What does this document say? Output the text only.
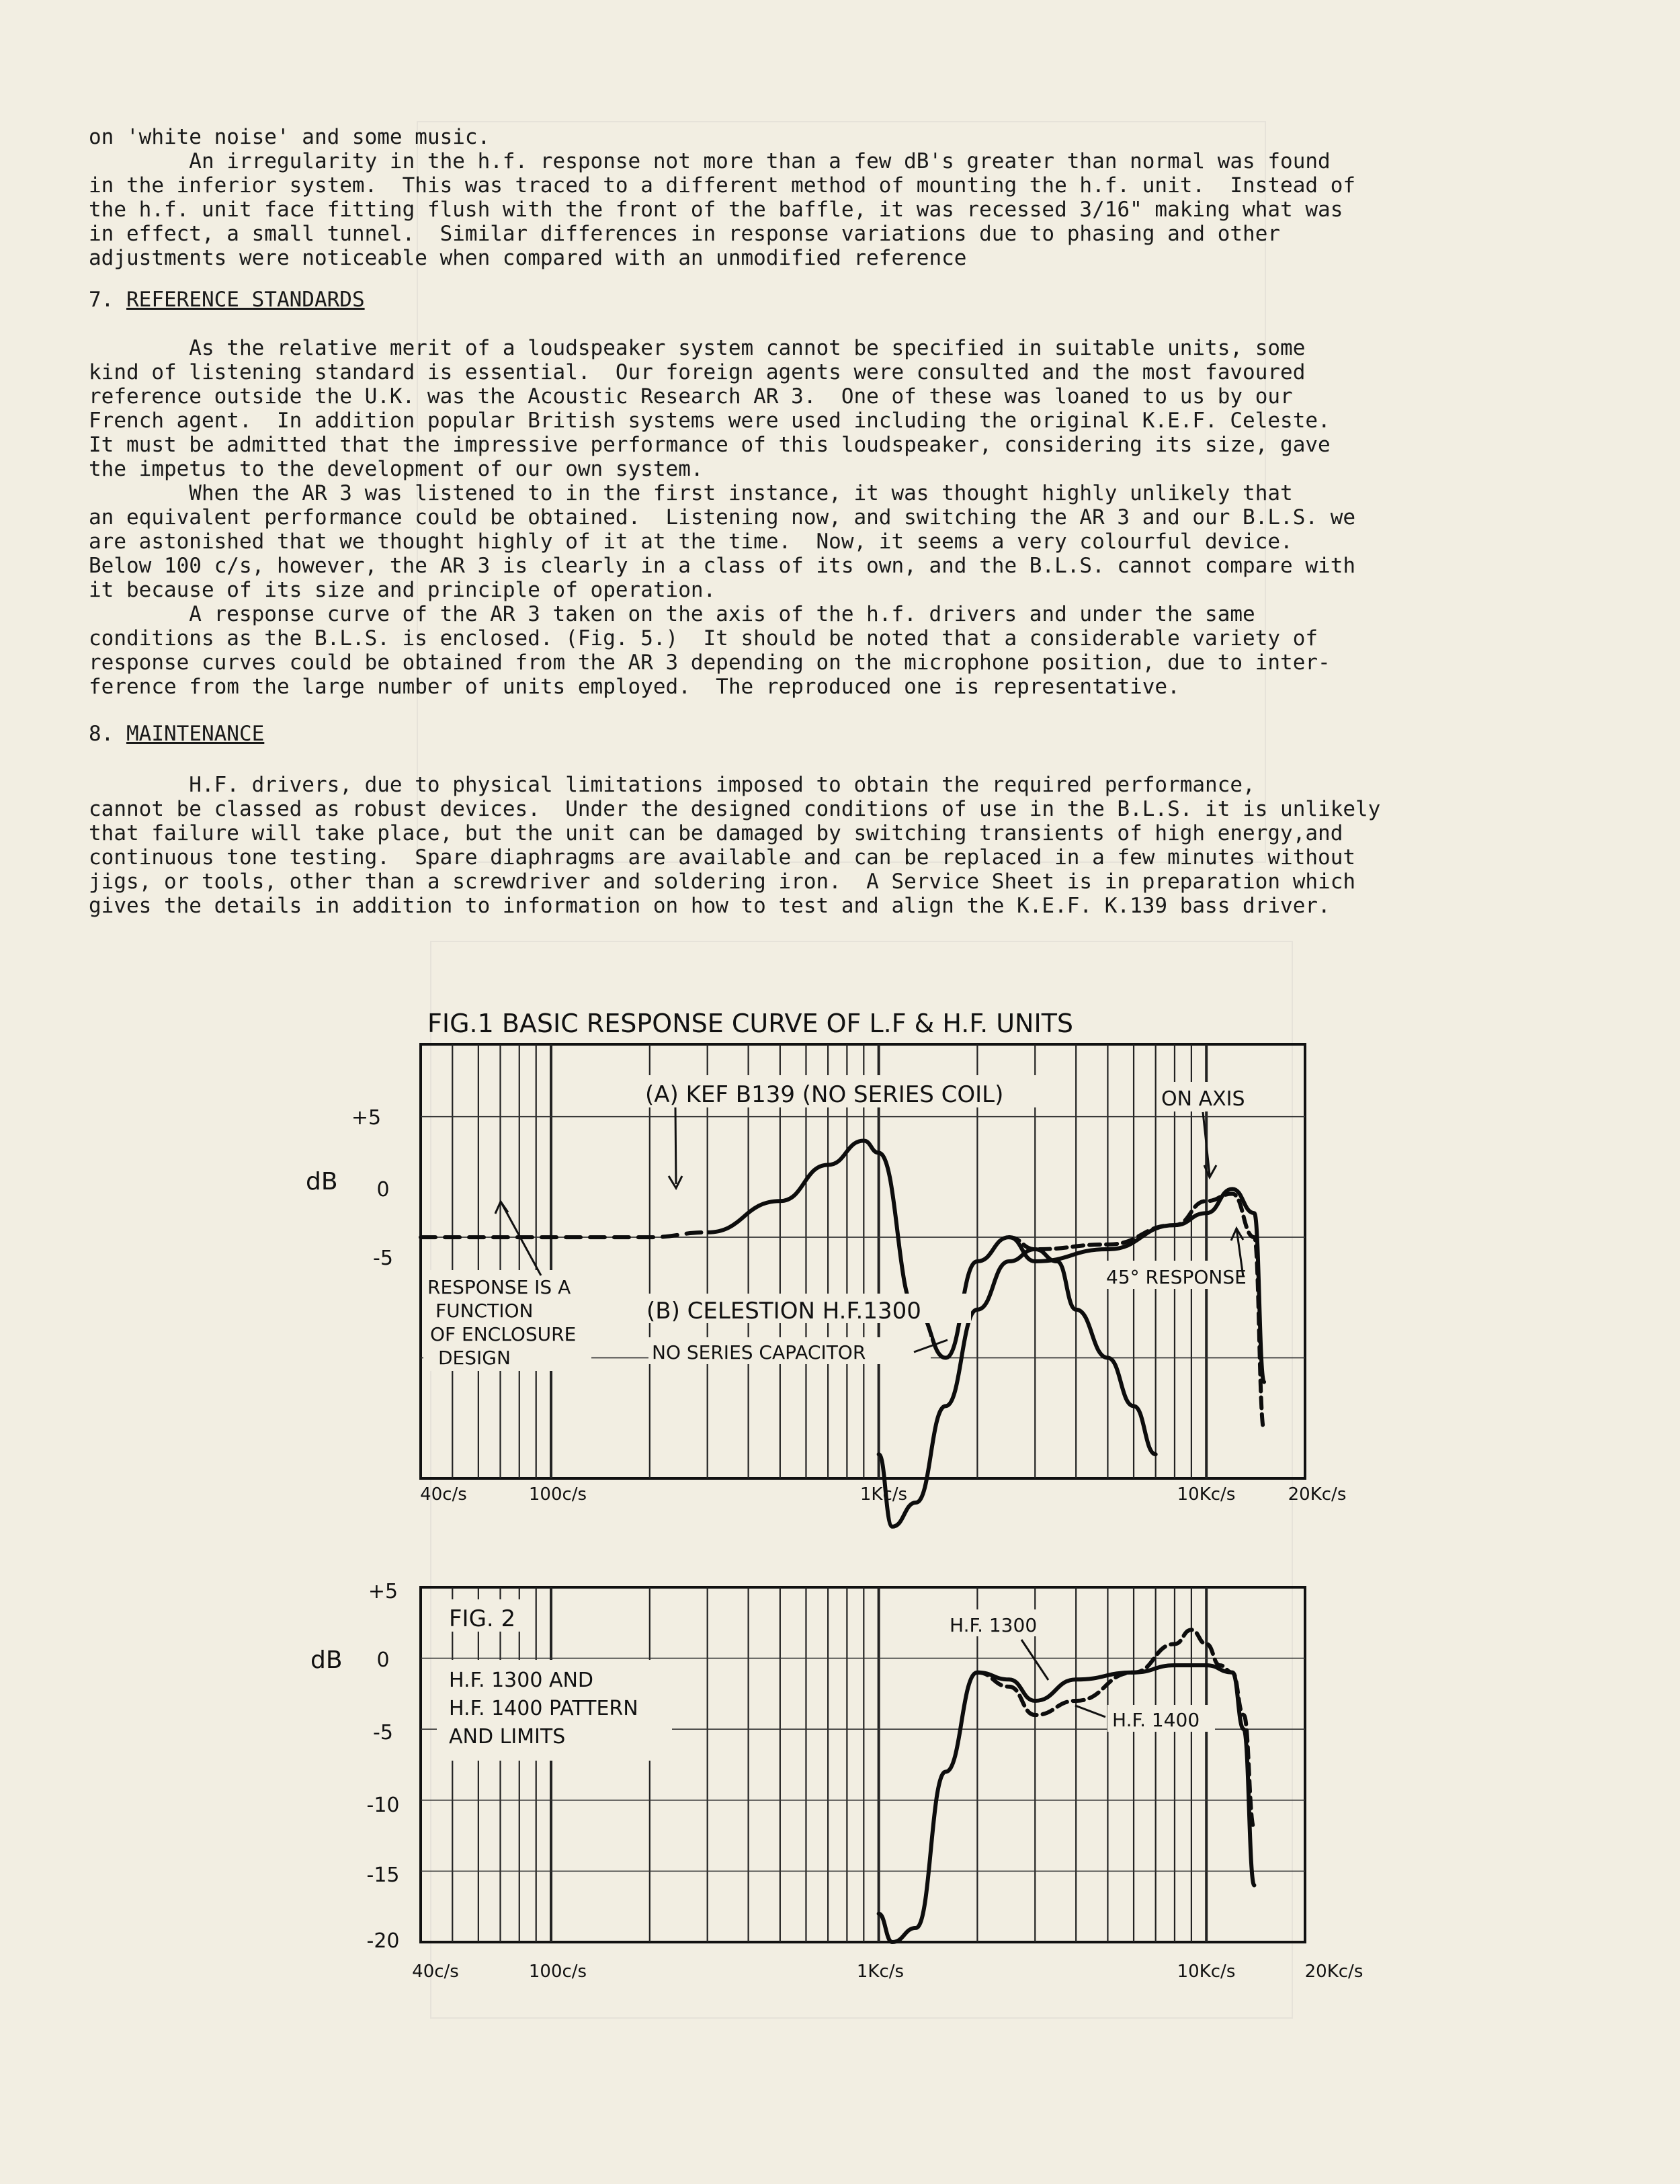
on 'white noise' and some music.

An irregularity in the h.f. response not more than a few dB's greater than normal was found

in the inferior system.  This was traced to a different method of mounting the h.f. unit.  Instead of

the h.f. unit face fitting flush with the front of the baffle, it was recessed 3/16" making what was

in effect, a small tunnel.  Similar differences in response variations due to phasing and other

adjustments were noticeable when compared with an unmodified reference

7. REFERENCE STANDARDS

As the relative merit of a loudspeaker system cannot be specified in suitable units, some

kind of listening standard is essential.  Our foreign agents were consulted and the most favoured

reference outside the U.K. was the Acoustic Research AR 3.  One of these was loaned to us by our

French agent.  In addition popular British systems were used including the original K.E.F. Celeste.

It must be admitted that the impressive performance of this loudspeaker, considering its size, gave

the impetus to the development of our own system.

When the AR 3 was listened to in the first instance, it was thought highly unlikely that

an equivalent performance could be obtained.  Listening now, and switching the AR 3 and our B.L.S. we

are astonished that we thought highly of it at the time.  Now, it seems a very colourful device.

Below 100 c/s, however, the AR 3 is clearly in a class of its own, and the B.L.S. cannot compare with

it because of its size and principle of operation.

A response curve of the AR 3 taken on the axis of the h.f. drivers and under the same

conditions as the B.L.S. is enclosed. (Fig. 5.)  It should be noted that a considerable variety of

response curves could be obtained from the AR 3 depending on the microphone position, due to inter-

ference from the large number of units employed.  The reproduced one is representative.

8. MAINTENANCE

H.F. drivers, due to physical limitations imposed to obtain the required performance,

cannot be classed as robust devices.  Under the designed conditions of use in the B.L.S. it is unlikely

that failure will take place, but the unit can be damaged by switching transients of high energy,and

continuous tone testing.  Spare diaphragms are available and can be replaced in a few minutes without

jigs, or tools, other than a screwdriver and soldering iron.  A Service Sheet is in preparation which

gives the details in addition to information on how to test and align the K.E.F. K.139 bass driver.

FIG.1 BASIC RESPONSE CURVE OF L.F & H.F. UNITS
+5
0
-5
dB
40c/s	100c/s	1Kc/s	10Kc/s	20Kc/s
(A) KEF B139 (NO SERIES COIL)	ON AXIS
45° RESPONSE
RESPONSE IS A
FUNCTION
OF ENCLOSURE
DESIGN
(B) CELESTION H.F.1300
NO SERIES CAPACITOR
FIG. 2
H.F. 1300 AND
H.F. 1400 PATTERN
AND LIMITS
H.F. 1300
H.F. 1400
+5
0
-5
-10
-15
-20
dB
40c/s	100c/s	1Kc/s	10Kc/s	20Kc/s
